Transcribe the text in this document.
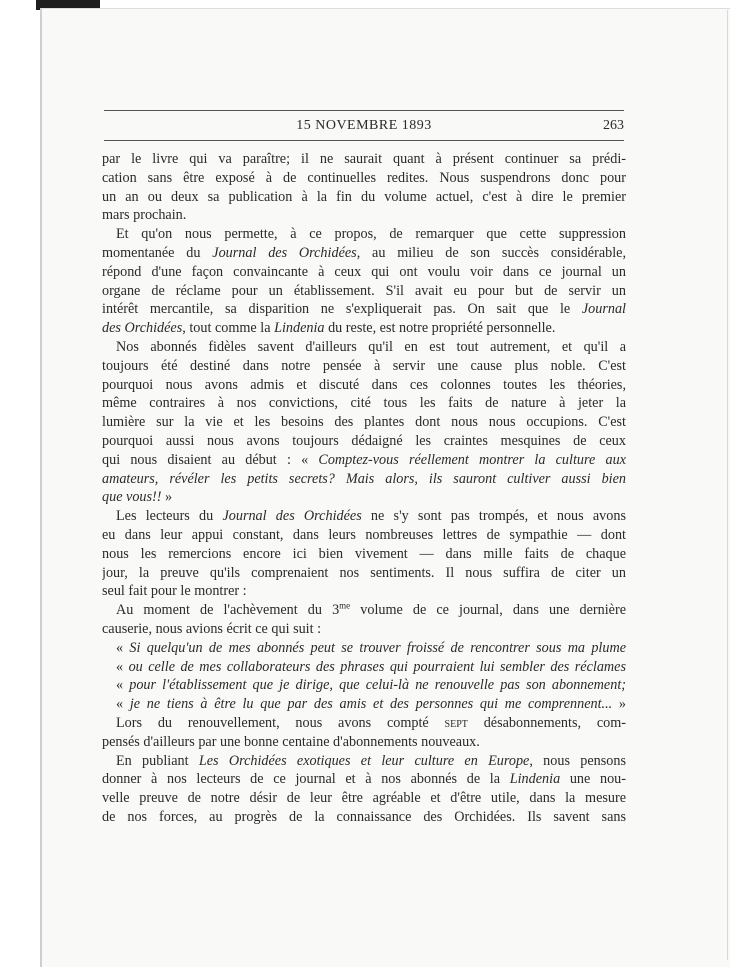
15 NOVEMBRE 1893	263
par le livre qui va paraître; il ne saurait quant à présent continuer sa prédi-
cation sans être exposé à de continuelles redites. Nous suspendrons donc pour
un an ou deux sa publication à la fin du volume actuel, c'est à dire le premier
mars prochain.
Et qu'on nous permette, à ce propos, de remarquer que cette suppression
momentanée du Journal des Orchidées, au milieu de son succès considérable,
répond d'une façon convaincante à ceux qui ont voulu voir dans ce journal un
organe de réclame pour un établissement. S'il avait eu pour but de servir un
intérêt mercantile, sa disparition ne s'expliquerait pas. On sait que le Journal
des Orchidées, tout comme la Lindenia du reste, est notre propriété personnelle.
Nos abonnés fidèles savent d'ailleurs qu'il en est tout autrement, et qu'il a
toujours été destiné dans notre pensée à servir une cause plus noble. C'est
pourquoi nous avons admis et discuté dans ces colonnes toutes les théories,
même contraires à nos convictions, cité tous les faits de nature à jeter la
lumière sur la vie et les besoins des plantes dont nous nous occupions. C'est
pourquoi aussi nous avons toujours dédaigné les craintes mesquines de ceux
qui nous disaient au début : « Comptez-vous réellement montrer la culture aux
amateurs, révéler les petits secrets? Mais alors, ils sauront cultiver aussi bien
que vous!! »
Les lecteurs du Journal des Orchidées ne s'y sont pas trompés, et nous avons
eu dans leur appui constant, dans leurs nombreuses lettres de sympathie — dont
nous les remercions encore ici bien vivement — dans mille faits de chaque
jour, la preuve qu'ils comprenaient nos sentiments. Il nous suffira de citer un
seul fait pour le montrer :
Au moment de l'achèvement du $3^{me}$ volume de ce journal, dans une dernière
causerie, nous avions écrit ce qui suit :
« Si quelqu'un de mes abonnés peut se trouver froissé de rencontrer sous ma plume
« ou celle de mes collaborateurs des phrases qui pourraient lui sembler des réclames
« pour l'établissement que je dirige, que celui-là ne renouvelle pas son abonnement;
« je ne tiens à être lu que par des amis et des personnes qui me comprennent... »
Lors du renouvellement, nous avons compté sept désabonnements, com-
pensés d'ailleurs par une bonne centaine d'abonnements nouveaux.
En publiant Les Orchidées exotiques et leur culture en Europe, nous pensons
donner à nos lecteurs de ce journal et à nos abonnés de la Lindenia une nou-
velle preuve de notre désir de leur être agréable et d'être utile, dans la mesure
de nos forces, au progrès de la connaissance des Orchidées. Ils savent sans
